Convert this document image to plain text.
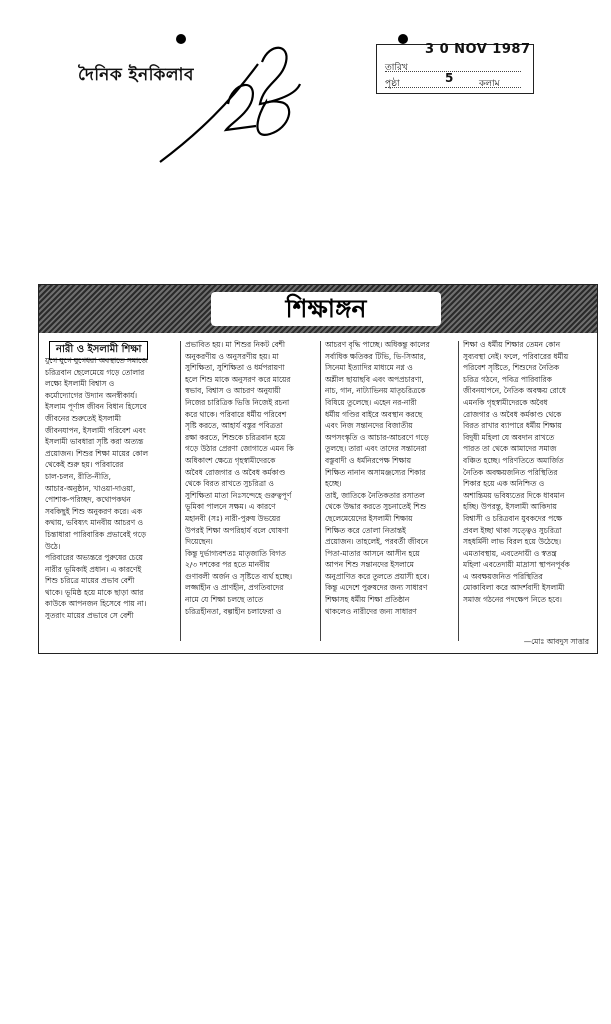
দৈনিক ইনকিলাব
3 0 NOV 1987
তারিখ
পৃষ্ঠা	5	কলাম
শিক্ষাঙ্গন
নারী ও ইসলামী শিক্ষা
যুগে যুগে যুগেধরা অবস্থাতে সমাজে
চরিত্রবান ছেলেমেয়ে গড়ে তোলার
লক্ষ্যে ইসলামী বিশ্বাস ও
কর্মোদ্যোগের উদ্যান অনস্বীকার্য।
ইসলাম পূর্ণাঙ্গ জীবন বিধান হিসেবে
জীবনের শুরুতেই ইসলামী
জীবনযাপন, ইসলামী পরিবেশ এবং
ইসলামী ভাবধারা সৃষ্টি করা অত্যন্ত
প্রয়োজন। শিশুর শিক্ষা মায়ের কোল
থেকেই শুরু হয়। পরিবারের
চাল-চলন, রীতি-নীতি,
আচার-অনুষ্ঠান, খাওয়া-দাওয়া,
পোশাক-পরিচ্ছদ, কথোপকথন
সবকিছুই শিশু অনুকরণ করে। এক
কথায়, ভবিষ্যৎ মানবীয় আচরণ ও
চিন্তাধারা পারিবারিক প্রভাবেই গড়ে
উঠে।
পরিবারের অভ্যন্তরে পুরুষের চেয়ে
নারীর ভূমিকাই প্রধান। এ কারণেই
শিশু চরিত্রে মায়ের প্রভাব বেশী
থাকে। ভূমিষ্ঠ হয়ে মাকে ছাড়া আর
কাউকে আপনজন হিসেবে পায় না।
সুতরাং মায়ের প্রভাবে সে বেশী
প্রভাবিত হয়। মা শিশুর নিকট বেশী
অনুকরণীয় ও অনুসরণীয় হয়। মা
সুশিক্ষিতা, সুশিক্ষিতা ও ধর্মপরায়ণা
হলে শিশু মাকে অনুসরণ করে মায়ের
স্বভাব, বিশ্বাস ও আচরণ অনুযায়ী
নিজের চারিত্রিক ভিত্তি নিজেই রচনা
করে থাকে। পরিবারে ধর্মীয় পরিবেশ
সৃষ্টি করতে, আহার্য বস্তুর পবিত্রতা
রক্ষা করতে, শিশুকে চরিত্রবান হয়ে
গড়ে উঠার প্রেরণা জোগাতে এমন কি
অধিকাংশ ক্ষেত্রে গৃহস্বামীদেরকে
অবৈধ রোজগার ও অবৈধ কর্মকাণ্ড
থেকে বিরত রাখতে সুচরিত্রা ও
সুশিক্ষিতা মাতা নিঃসন্দেহে গুরুত্বপূর্ণ
ভূমিকা পালনে সক্ষম। এ কারণে
মহানবী (সঃ) নারী-পুরুষ উভয়ের
উপরই শিক্ষা অপরিহার্য বলে ঘোষণা
দিয়েছেন।
কিন্তু দুর্ভাগ্যবশতঃ মাতৃজাতি বিগত
২/৩ দশকের পর হতে মানবীয়
গুণাবলী অর্জন ও সৃষ্টিতে ব্যর্থ হচ্ছে।
লজ্জাহীন ও প্রাণহীন, প্রগতিবাদের
নামে যে শিক্ষা চলছে তাতে
চরিত্রহীনতা, বল্গাহীন চলাফেরা ও
আচরণ বৃদ্ধি পাচ্ছে। অধিকন্তু কালের
সর্বাধিক ক্ষতিকর টিভি, ভি-সিআর,
সিনেমা ইত্যাদির মাধ্যমে নগ্ন ও
অশ্লীল ছায়াছবি এবং অপপ্রচারণা,
নাচ, গান, নাট্যাভিনয় মাতৃচরিত্রকে
বিষিয়ে তুলেছে। এহেন নর-নারী
ধর্মীয় গণ্ডির বাইরে অবস্থান করছে
এবং নিজ সন্তানদের বিজাতীয়
অপসংস্কৃতি ও আচার-আচরণে গড়ে
তুলছে। তারা এবং তাদের সন্তানেরা
বস্তুবাদী ও ধর্মনিরপেক্ষ শিক্ষায়
শিক্ষিত নানান অসামঞ্জস্যের শিকার
হচ্ছে।
তাই, জাতিকে নৈতিকতার রসাতল
থেকে উদ্ধার করতে সুচনাতেই শিশু
ছেলেমেয়েদের ইসলামী শিক্ষায়
শিক্ষিত করে তোলা নিতান্তই
প্রয়োজন। তাহলেই, পরবর্তী জীবনে
পিতা-মাতার আসনে আসীন হয়ে
আপন শিশু সন্তানদের ইসলামে
অনুপ্রাণিত করে তুলতে প্রয়াসী হবে।
কিন্তু এদেশে পুরুষদের জন্য সাধারণ
শিক্ষাসহ ধর্মীয় শিক্ষা প্রতিষ্ঠান
থাকলেও নারীদের জন্য সাধারণ
শিক্ষা ও ধর্মীয় শিক্ষার তেমন কোন
সুব্যবস্থা নেই। ফলে, পরিবারের ধর্মীয়
পরিবেশ সৃষ্টিতে, শিশুদের নৈতিক
চরিত্র গঠনে, পবিত্র পারিবারিক
জীবনযাপনে, নৈতিক অবক্ষয় রোধে
এমনকি গৃহস্বামীদেরকে অবৈধ
রোজগার ও অবৈধ কর্মকাণ্ড থেকে
বিরত রাখার ব্যাপারে ধর্মীয় শিক্ষায়
বিদুষী মহিলা যে অবদান রাখতে
পারত তা থেকে আমাদের সমাজ
বঞ্চিত হচ্ছে। পরিণতিতে অমার্জিত
নৈতিক অবক্ষয়জনিত পরিস্থিতির
শিকার হয়ে এক অনিশ্চিত ও
অশান্তিময় ভবিষ্যতের দিকে ধাবমান
হচ্ছি। উপরন্তু, ইসলামী আকিদায়
বিশ্বাসী ও চরিত্রবান যুবকদের পক্ষে
প্রবল ইচ্ছা থাকা সত্ত্বেও সুচরিত্রা
সহধর্মিনী লাভ বিরল হয়ে উঠেছে।
এমতাবস্থায়, এবতেদায়ী ও স্বতন্ত্র
মহিলা এবতেদায়ী মাদ্রাসা স্থাপনপূর্বক
এ অবক্ষয়জনিত পরিস্থিতির
মোকাবিলা করে আদর্শবাদী ইসলামী
সমাজ গঠনের পদক্ষেপ নিতে হবে।
—মোঃ আবদুস সাত্তার
